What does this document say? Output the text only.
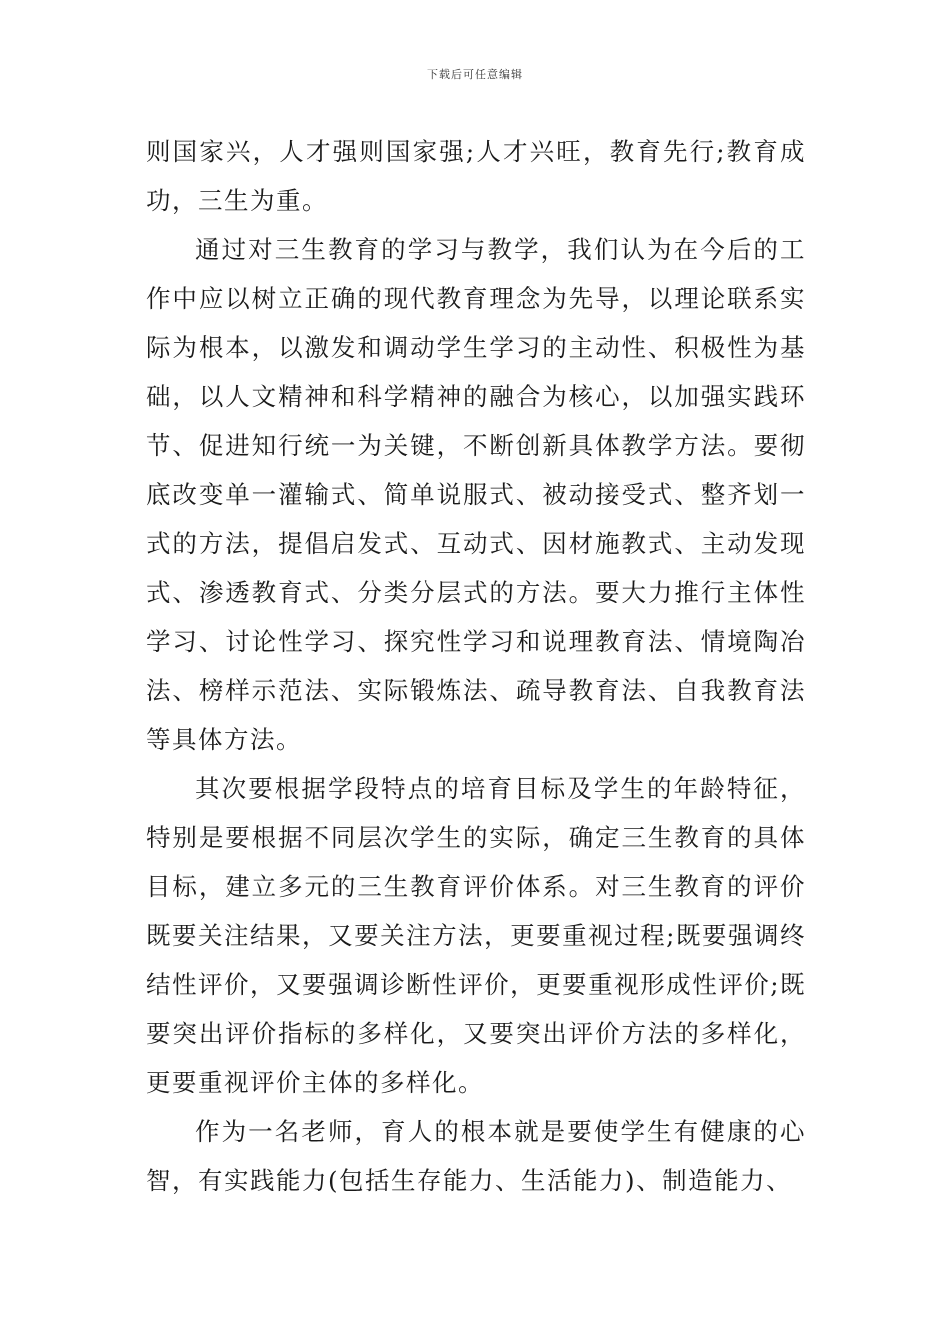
下载后可任意编辑

则国家兴，人才强则国家强;人才兴旺，教育先行;教育成功，三生为重。

通过对三生教育的学习与教学，我们认为在今后的工作中应以树立正确的现代教育理念为先导，以理论联系实际为根本，以激发和调动学生学习的主动性、积极性为基础，以人文精神和科学精神的融合为核心，以加强实践环节、促进知行统一为关键，不断创新具体教学方法。要彻底改变单一灌输式、简单说服式、被动接受式、整齐划一式的方法，提倡启发式、互动式、因材施教式、主动发现式、渗透教育式、分类分层式的方法。要大力推行主体性学习、讨论性学习、探究性学习和说理教育法、情境陶冶法、榜样示范法、实际锻炼法、疏导教育法、自我教育法等具体方法。

其次要根据学段特点的培育目标及学生的年龄特征，特别是要根据不同层次学生的实际，确定三生教育的具体目标，建立多元的三生教育评价体系。对三生教育的评价既要关注结果，又要关注方法，更要重视过程;既要强调终结性评价，又要强调诊断性评价，更要重视形成性评价;既要突出评价指标的多样化，又要突出评价方法的多样化，更要重视评价主体的多样化。

作为一名老师，育人的根本就是要使学生有健康的心智，有实践能力(包括生存能力、生活能力)、制造能力、
